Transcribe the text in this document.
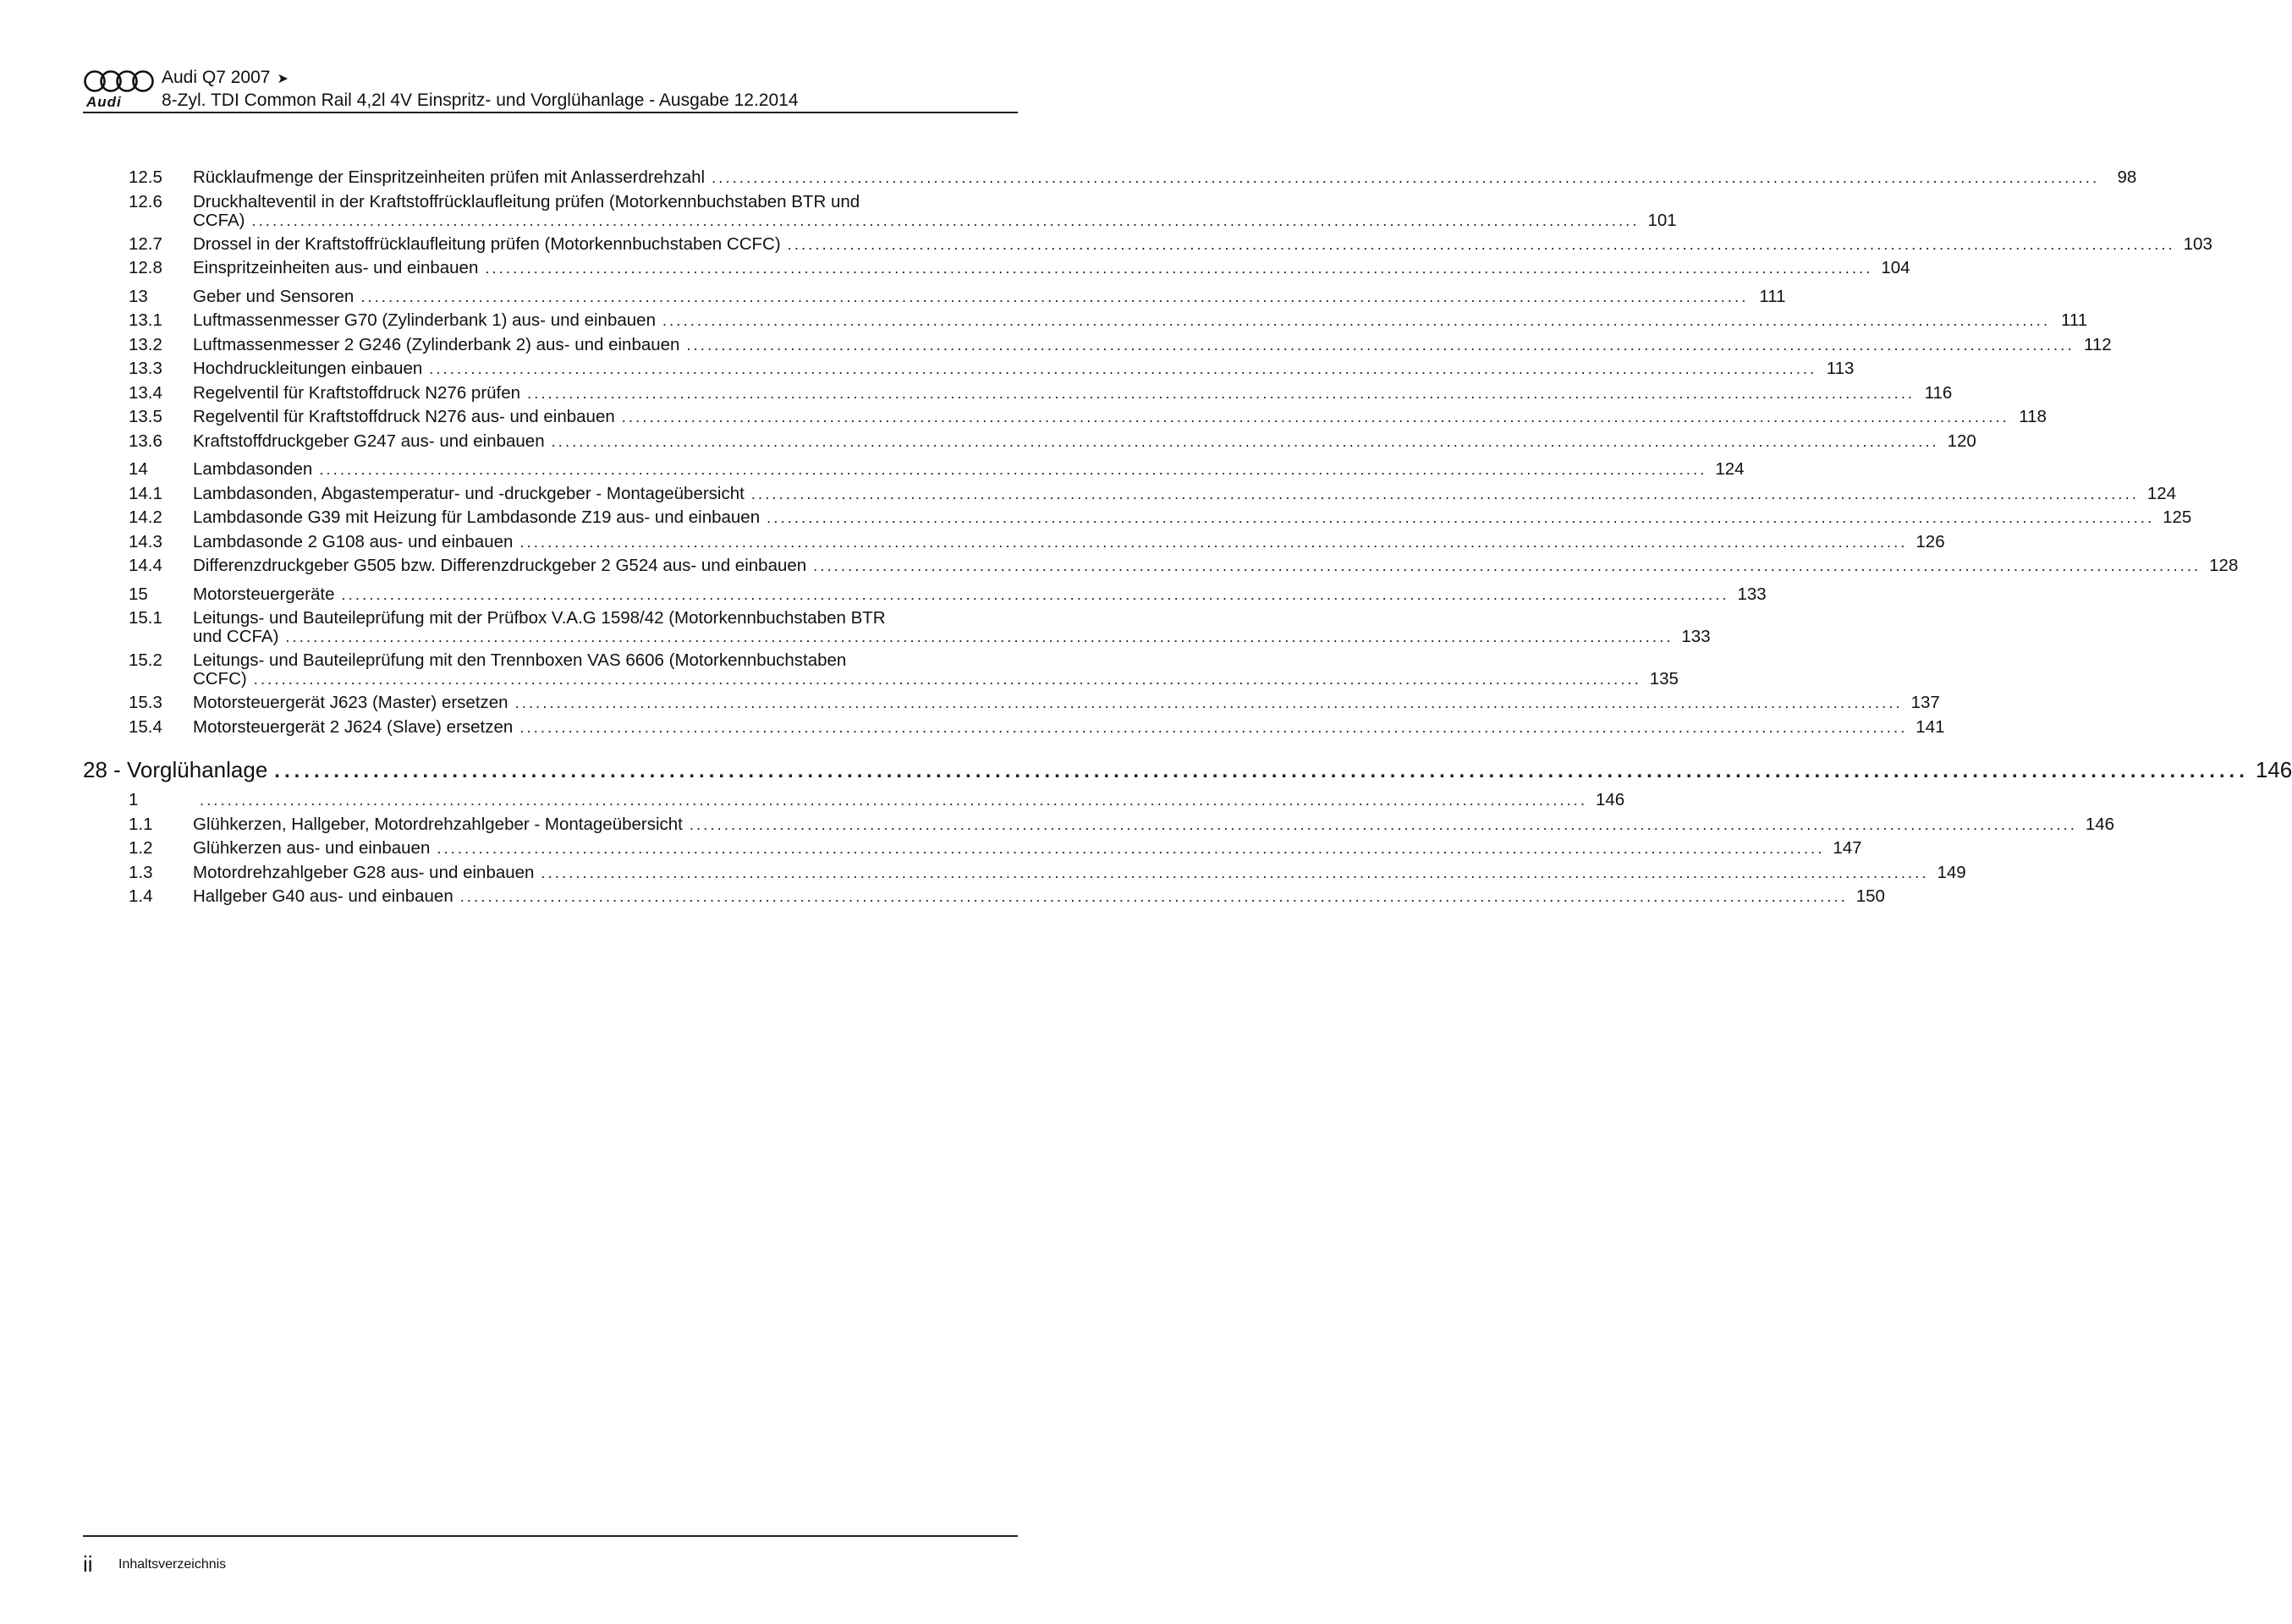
Audi
Audi Q7 2007 ➤
8-Zyl. TDI Common Rail 4,2l 4V Einspritz- und Vorglühanlage - Ausgabe 12.2014
12.5 Rücklaufmenge der Einspritzeinheiten prüfen mit Anlasserdrehzahl ........................................................................................................................................................................................................	98
12.6 Druckhalteventil in der Kraftstoffrücklaufleitung prüfen (Motorkennbuchstaben BTR und
CCFA) ........................................................................................................................................................................................................ 101
12.7 Drossel in der Kraftstoffrücklaufleitung prüfen (Motorkennbuchstaben CCFC) ........................................................................................................................................................................................................ 103
12.8 Einspritzeinheiten aus- und einbauen ........................................................................................................................................................................................................ 104
13	Geber und Sensoren ........................................................................................................................................................................................................ 111
13.1 Luftmassenmesser G70 (Zylinderbank 1) aus- und einbauen ........................................................................................................................................................................................................ 111
13.2 Luftmassenmesser 2 G246 (Zylinderbank 2) aus- und einbauen ........................................................................................................................................................................................................ 112
13.3 Hochdruckleitungen einbauen ........................................................................................................................................................................................................ 113
13.4 Regelventil für Kraftstoffdruck N276 prüfen ........................................................................................................................................................................................................ 116
13.5 Regelventil für Kraftstoffdruck N276 aus- und einbauen ........................................................................................................................................................................................................ 118
13.6 Kraftstoffdruckgeber G247 aus- und einbauen ........................................................................................................................................................................................................ 120
14	Lambdasonden ........................................................................................................................................................................................................ 124
14.1 Lambdasonden, Abgastemperatur- und -druckgeber - Montageübersicht ........................................................................................................................................................................................................ 124
14.2 Lambdasonde G39 mit Heizung für Lambdasonde Z19 aus- und einbauen ........................................................................................................................................................................................................ 125
14.3 Lambdasonde 2 G108 aus- und einbauen ........................................................................................................................................................................................................ 126
14.4 Differenzdruckgeber G505 bzw. Differenzdruckgeber 2 G524 aus- und einbauen ........................................................................................................................................................................................................ 128
15	Motorsteuergeräte ........................................................................................................................................................................................................ 133
15.1 Leitungs- und Bauteileprüfung mit der Prüfbox V.A.G 1598/42 (Motorkennbuchstaben BTR
und CCFA) ........................................................................................................................................................................................................ 133
15.2 Leitungs- und Bauteileprüfung mit den Trennboxen VAS 6606 (Motorkennbuchstaben
CCFC) ........................................................................................................................................................................................................ 135
15.3 Motorsteuergerät J623 (Master) ersetzen ........................................................................................................................................................................................................ 137
15.4 Motorsteuergerät 2 J624 (Slave) ersetzen ........................................................................................................................................................................................................ 141
28 - Vorglühanlage ........................................................................................................................................................................................................ 146
1	........................................................................................................................................................................................................ 146
1.1 Glühkerzen, Hallgeber, Motordrehzahlgeber - Montageübersicht ........................................................................................................................................................................................................ 146
1.2 Glühkerzen aus- und einbauen ........................................................................................................................................................................................................ 147
1.3 Motordrehzahlgeber G28 aus- und einbauen ........................................................................................................................................................................................................ 149
1.4 Hallgeber G40 aus- und einbauen ........................................................................................................................................................................................................ 150
ii Inhaltsverzeichnis
